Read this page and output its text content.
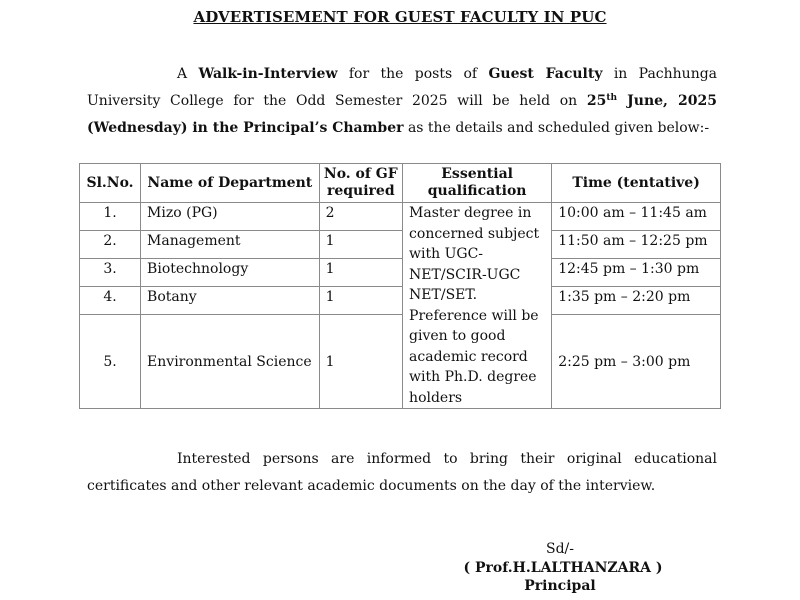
ADVERTISEMENT FOR GUEST FACULTY IN PUC
A Walk-in-Interview for the posts of Guest Faculty in Pachhunga University College for the Odd Semester 2025 will be held on 25th June, 2025 (Wednesday) in the Principal’s Chamber as the details and scheduled given below:-
Sl.No.	Name of Department	No. of GF required	Essential qualification	Time (tentative)
1.	Mizo (PG)	2	Master degree in concerned subject with UGC-NET/SCIR-UGC NET/SET. Preference will be given to good academic record with Ph.D. degree holders	10:00 am – 11:45 am
2.	Management	1		11:50 am – 12:25 pm
3.	Biotechnology	1		12:45 pm – 1:30 pm
4.	Botany	1		1:35 pm – 2:20 pm
5.	Environmental Science	1		2:25 pm – 3:00 pm
Interested persons are informed to bring their original educational certificates and other relevant academic documents on the day of the interview.
Sd/-
( Prof.H.LALTHANZARA )
Principal
